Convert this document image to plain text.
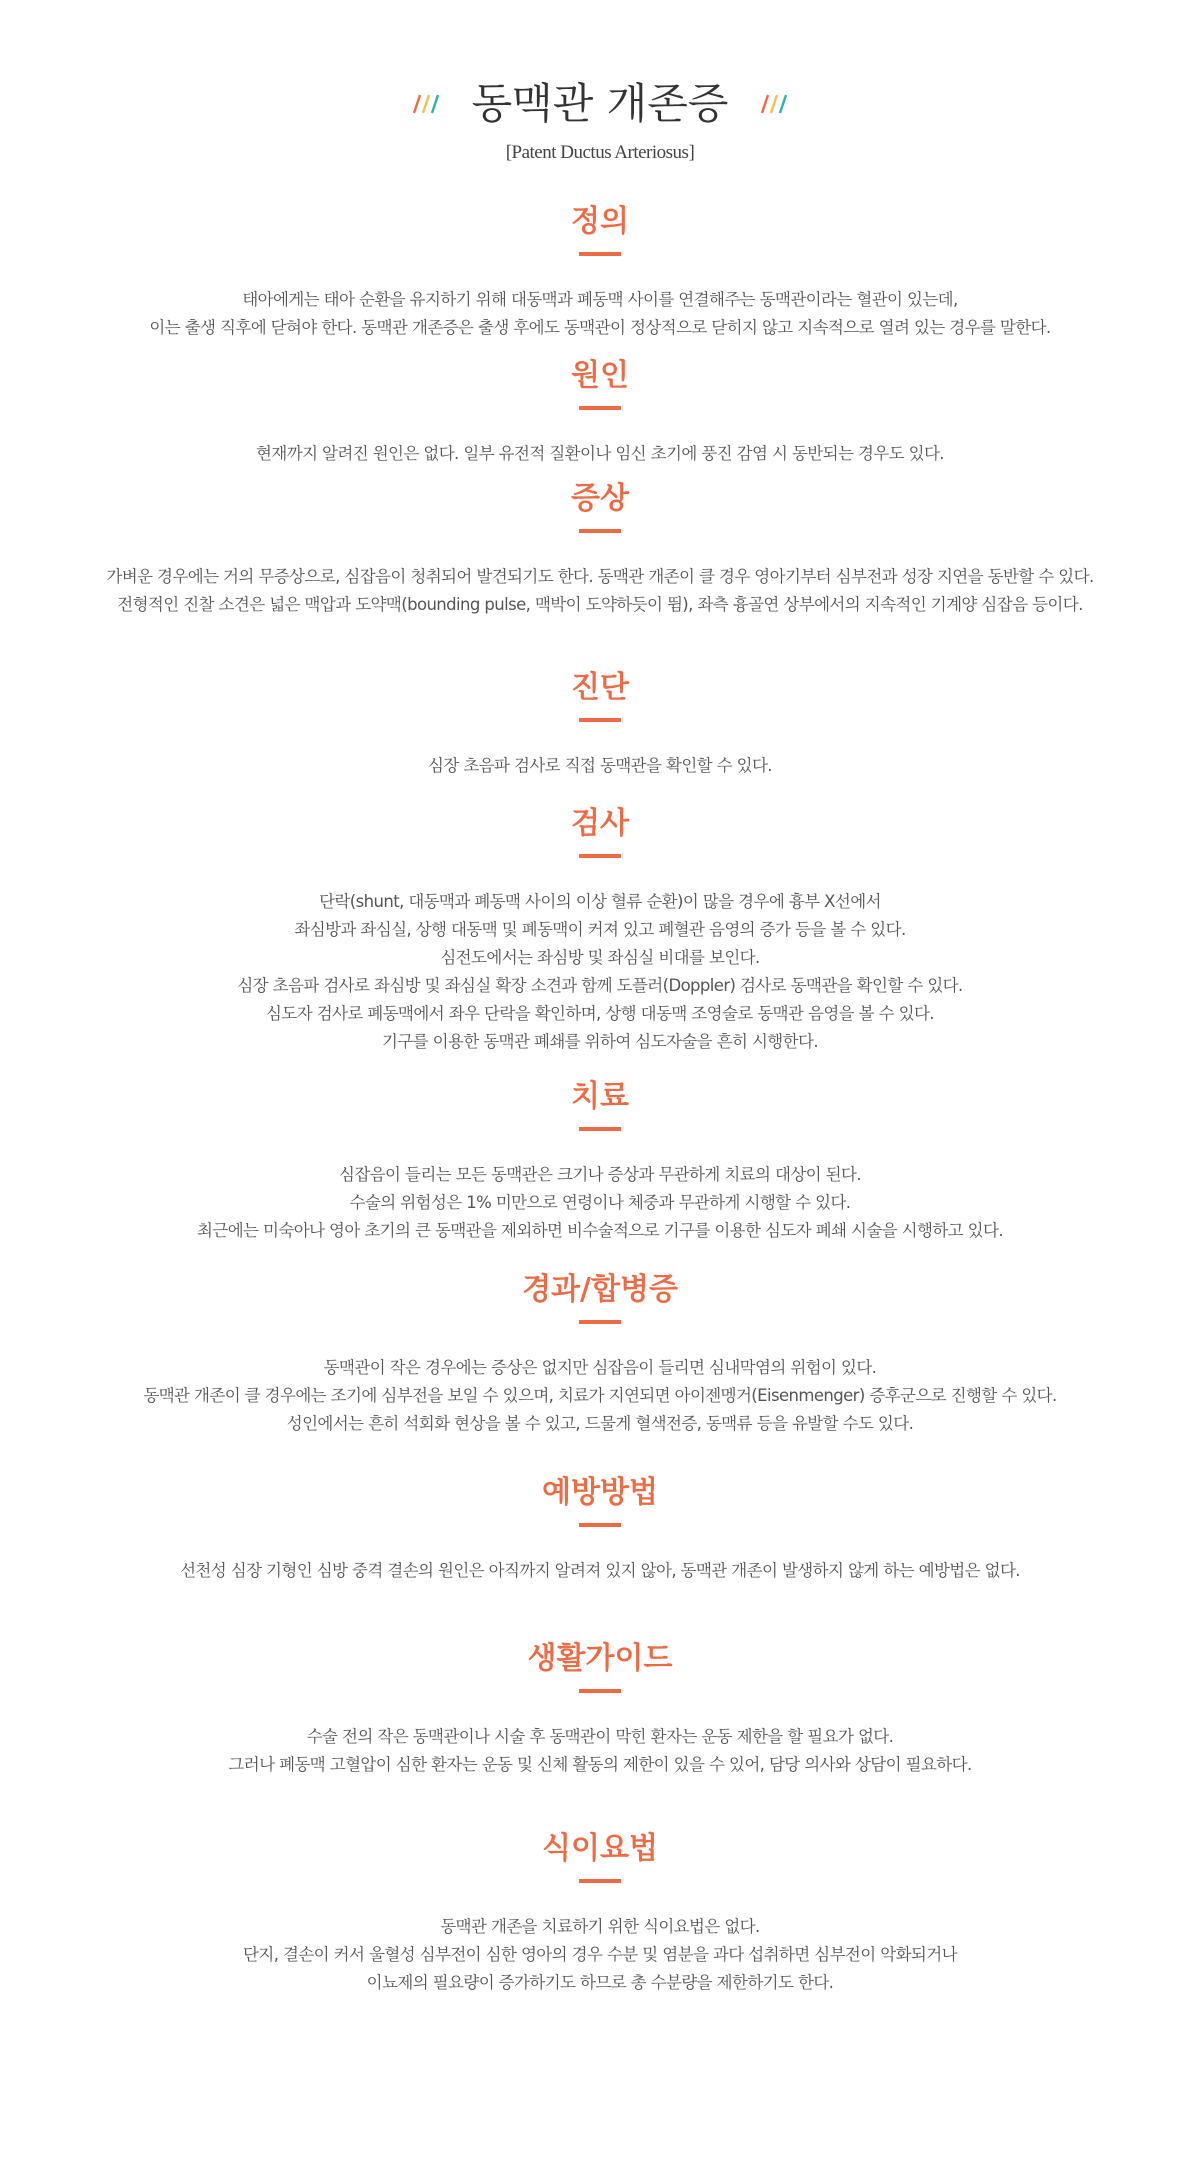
동맥관 개존증
[Patent Ductus Arteriosus]
정의

태아에게는 태아 순환을 유지하기 위해 대동맥과 폐동맥 사이를 연결해주는 동맥관이라는 혈관이 있는데,

이는 출생 직후에 닫혀야 한다. 동맥관 개존증은 출생 후에도 동맥관이 정상적으로 닫히지 않고 지속적으로 열려 있는 경우를 말한다.

원인

현재까지 알려진 원인은 없다. 일부 유전적 질환이나 임신 초기에 풍진 감염 시 동반되는 경우도 있다.

증상

가벼운 경우에는 거의 무증상으로, 심잡음이 청취되어 발견되기도 한다. 동맥관 개존이 클 경우 영아기부터 심부전과 성장 지연을 동반할 수 있다.

전형적인 진찰 소견은 넓은 맥압과 도약맥(bounding pulse, 맥박이 도약하듯이 뜀), 좌측 흉골연 상부에서의 지속적인 기계양 심잡음 등이다.

진단

심장 초음파 검사로 직접 동맥관을 확인할 수 있다.

검사

단락(shunt, 대동맥과 폐동맥 사이의 이상 혈류 순환)이 많을 경우에 흉부 X선에서

좌심방과 좌심실, 상행 대동맥 및 폐동맥이 커져 있고 폐혈관 음영의 증가 등을 볼 수 있다.

심전도에서는 좌심방 및 좌심실 비대를 보인다.

심장 초음파 검사로 좌심방 및 좌심실 확장 소견과 함께 도플러(Doppler) 검사로 동맥관을 확인할 수 있다.

심도자 검사로 폐동맥에서 좌우 단락을 확인하며, 상행 대동맥 조영술로 동맥관 음영을 볼 수 있다.

기구를 이용한 동맥관 폐쇄를 위하여 심도자술을 흔히 시행한다.

치료

심잡음이 들리는 모든 동맥관은 크기나 증상과 무관하게 치료의 대상이 된다.

수술의 위험성은 1% 미만으로 연령이나 체중과 무관하게 시행할 수 있다.

최근에는 미숙아나 영아 초기의 큰 동맥관을 제외하면 비수술적으로 기구를 이용한 심도자 폐쇄 시술을 시행하고 있다.

경과/합병증

동맥관이 작은 경우에는 증상은 없지만 심잡음이 들리면 심내막염의 위험이 있다.

동맥관 개존이 클 경우에는 조기에 심부전을 보일 수 있으며, 치료가 지연되면 아이젠멩거(Eisenmenger) 증후군으로 진행할 수 있다.

성인에서는 흔히 석회화 현상을 볼 수 있고, 드물게 혈색전증, 동맥류 등을 유발할 수도 있다.

예방방법

선천성 심장 기형인 심방 중격 결손의 원인은 아직까지 알려져 있지 않아, 동맥관 개존이 발생하지 않게 하는 예방법은 없다.

생활가이드

수술 전의 작은 동맥관이나 시술 후 동맥관이 막힌 환자는 운동 제한을 할 필요가 없다.

그러나 폐동맥 고혈압이 심한 환자는 운동 및 신체 활동의 제한이 있을 수 있어, 담당 의사와 상담이 필요하다.

식이요법

동맥관 개존을 치료하기 위한 식이요법은 없다.

단지, 결손이 커서 울혈성 심부전이 심한 영아의 경우 수분 및 염분을 과다 섭취하면 심부전이 악화되거나

이뇨제의 필요량이 증가하기도 하므로 총 수분량을 제한하기도 한다.
